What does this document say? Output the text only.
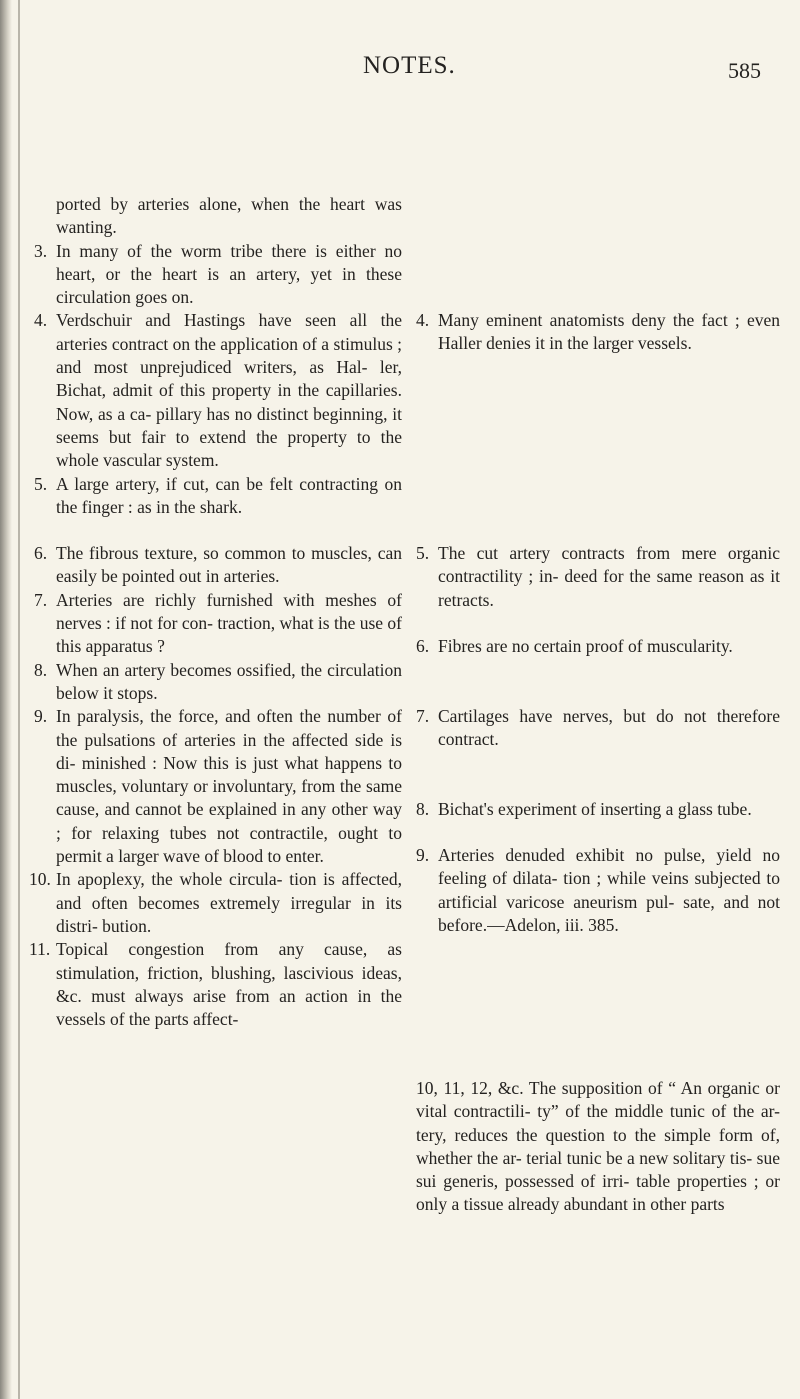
NOTES.	585
ported by arteries alone, when the heart was wanting.
3. In many of the worm tribe there is either no heart, or the heart is an artery, yet in these circulation goes on.
4. Verdschuir and Hastings have seen all the arteries contract on the application of a stimulus ; and most unprejudiced writers, as Hal- ler, Bichat, admit of this property in the capillaries. Now, as a ca- pillary has no distinct beginning, it seems but fair to extend the property to the whole vascular system.
5. A large artery, if cut, can be felt contracting on the finger : as in the shark.
6. The fibrous texture, so common to muscles, can easily be pointed out in arteries.
7. Arteries are richly furnished with meshes of nerves : if not for con- traction, what is the use of this apparatus ?
8. When an artery becomes ossified, the circulation below it stops.
9. In paralysis, the force, and often the number of the pulsations of arteries in the affected side is di- minished : Now this is just what happens to muscles, voluntary or involuntary, from the same cause, and cannot be explained in any other way ; for relaxing tubes not contractile, ought to permit a larger wave of blood to enter.
10. In apoplexy, the whole circula- tion is affected, and often becomes extremely irregular in its distri- bution.
11. Topical congestion from any cause, as stimulation, friction, blushing, lascivious ideas, &c. must always arise from an action in the vessels of the parts affect-
4. Many eminent anatomists deny the fact ; even Haller denies it in the larger vessels.
5. The cut artery contracts from mere organic contractility ; in- deed for the same reason as it retracts.
6. Fibres are no certain proof of muscularity.
7. Cartilages have nerves, but do not therefore contract.
8. Bichat's experiment of inserting a glass tube.
9. Arteries denuded exhibit no pulse, yield no feeling of dilata- tion ; while veins subjected to artificial varicose aneurism pul- sate, and not before.—Adelon, iii. 385.
10, 11, 12, &c. The supposition of “ An organic or vital contractili- ty” of the middle tunic of the ar- tery, reduces the question to the simple form of, whether the ar- terial tunic be a new solitary tis- sue sui generis, possessed of irri- table properties ; or only a tissue already abundant in other parts
